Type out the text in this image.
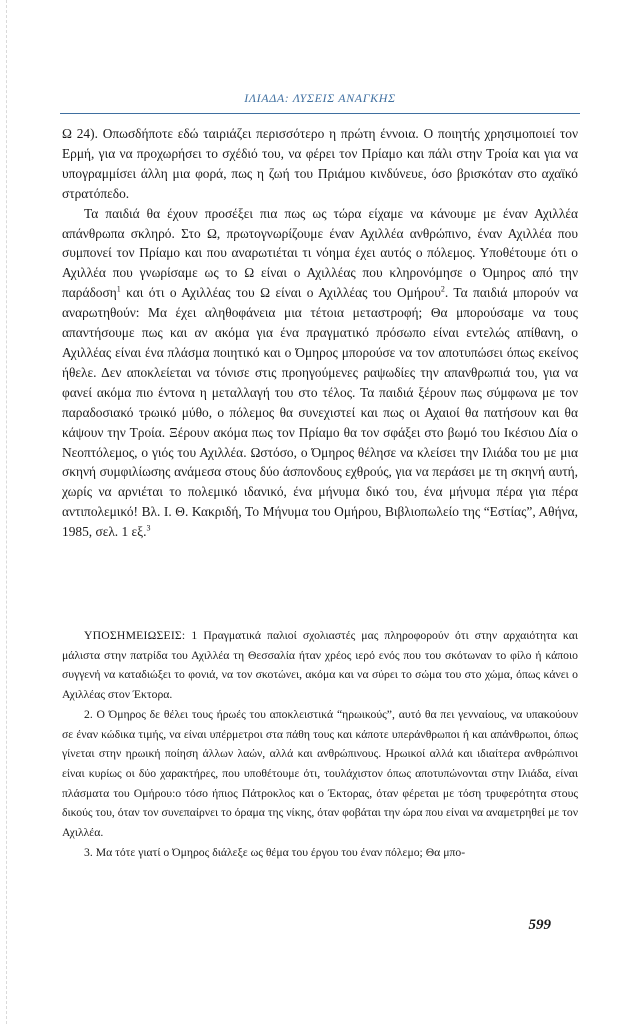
ΙΛΙΑΔΑ: ΛΥΣΕΙΣ ΑΝΑΓΚΗΣ

Ω 24). Οπωσδήποτε εδώ ταιριάζει περισσότερο η πρώτη έννοια. Ο ποιητής χρησιμοποιεί τον Ερμή, για να προχωρήσει το σχέδιό του, να φέρει τον Πρίαμο και πάλι στην Τροία και για να υπογραμμίσει άλλη μια φορά, πως η ζωή του Πριάμου κινδύνευε, όσο βρισκόταν στο αχαϊκό στρατόπεδο.

Τα παιδιά θα έχουν προσέξει πια πως ως τώρα είχαμε να κάνουμε με έναν Αχιλλέα απάνθρωπα σκληρό. Στο Ω, πρωτογνωρίζουμε έναν Αχιλλέα ανθρώπινο, έναν Αχιλλέα που συμπονεί τον Πρίαμο και που αναρωτιέται τι νόημα έχει αυτός ο πόλεμος. Υποθέτουμε ότι ο Αχιλλέα που γνωρίσαμε ως το Ω είναι ο Αχιλλέας που κληρονόμησε ο Όμηρος από την παράδοση$^1$ και ότι ο Αχιλλέας του Ω είναι ο Αχιλλέας του Ομήρου$^2$. Τα παιδιά μπορούν να αναρωτηθούν: Μα έχει αληθοφάνεια μια τέτοια μεταστροφή; Θα μπορούσαμε να τους απαντήσουμε πως και αν ακόμα για ένα πραγματικό πρόσωπο είναι εντελώς απίθανη, ο Αχιλλέας είναι ένα πλάσμα ποιητικό και ο Όμηρος μπορούσε να τον αποτυπώσει όπως εκείνος ήθελε. Δεν αποκλείεται να τόνισε στις προηγούμενες ραψωδίες την απανθρωπιά του, για να φανεί ακόμα πιο έντονα η μεταλλαγή του στο τέλος. Τα παιδιά ξέρουν πως σύμφωνα με τον παραδοσιακό τρωικό μύθο, ο πόλεμος θα συνεχιστεί και πως οι Αχαιοί θα πατήσουν και θα κάψουν την Τροία. Ξέρουν ακόμα πως τον Πρίαμο θα τον σφάξει στο βωμό του Ικέσιου Δία ο Νεοπτόλεμος, ο γιός του Αχιλλέα. Ωστόσο, ο Όμηρος θέλησε να κλείσει την Ιλιάδα του με μια σκηνή συμφιλίωσης ανάμεσα στους δύο άσπονδους εχθρούς, για να περάσει με τη σκηνή αυτή, χωρίς να αρνιέται το πολεμικό ιδανικό, ένα μήνυμα δικό του, ένα μήνυμα πέρα για πέρα αντιπολεμικό! Βλ. Ι. Θ. Κακριδή, Το Μήνυμα του Ομήρου, Βιβλιοπωλείο της “Εστίας”, Αθήνα, 1985, σελ. 1 εξ.$^3$

ΥΠΟΣΗΜΕΙΩΣΕΙΣ: 1 Πραγματικά παλιοί σχολιαστές μας πληροφορούν ότι στην αρχαιότητα και μάλιστα στην πατρίδα του Αχιλλέα τη Θεσσαλία ήταν χρέος ιερό ενός που του σκότωναν το φίλο ή κάποιο συγγενή να καταδιώξει το φονιά, να τον σκοτώνει, ακόμα και να σύρει το σώμα του στο χώμα, όπως κάνει ο Αχιλλέας στον Έκτορα.

2. Ο Όμηρος δε θέλει τους ήρωές του αποκλειστικά “ηρωικούς”, αυτό θα πει γενναίους, να υπακούουν σε έναν κώδικα τιμής, να είναι υπέρμετροι στα πάθη τους και κάποτε υπεράνθρωποι ή και απάνθρωποι, όπως γίνεται στην ηρωική ποίηση άλλων λαών, αλλά και ανθρώπινους. Ηρωικοί αλλά και ιδιαίτερα ανθρώπινοι είναι κυρίως οι δύο χαρακτήρες, που υποθέτουμε ότι, τουλάχιστον όπως αποτυπώνονται στην Ιλιάδα, είναι πλάσματα του Ομήρου:ο τόσο ήπιος Πάτροκλος και ο Έκτορας, όταν φέρεται με τόση τρυφερότητα στους δικούς του, όταν τον συνεπαίρνει το όραμα της νίκης, όταν φοβάται την ώρα που είναι να αναμετρηθεί με τον Αχιλλέα.

3. Μα τότε γιατί ο Όμηρος διάλεξε ως θέμα του έργου του έναν πόλεμο; Θα μπο-

599
